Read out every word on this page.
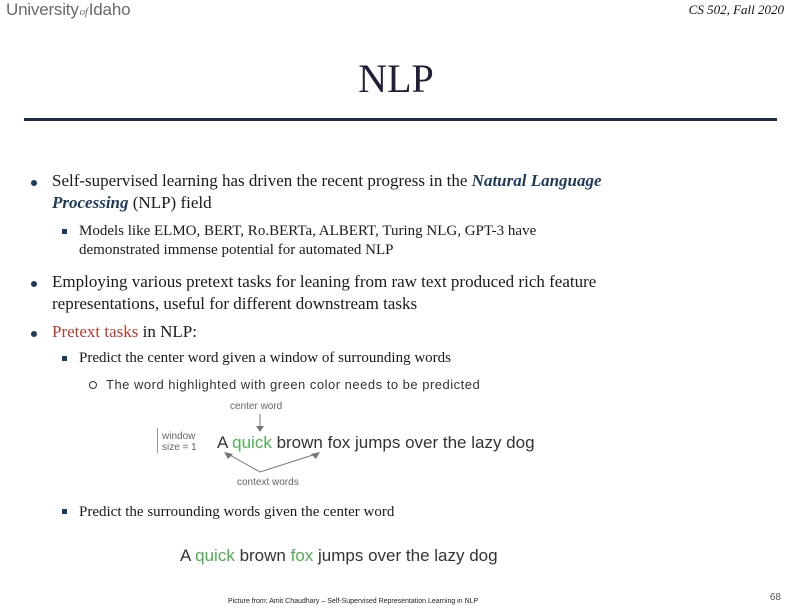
UniversityofIdaho	CS 502, Fall 2020
NLP
Self-supervised learning has driven the recent progress in the Natural Language
Processing (NLP) field
Models like ELMO, BERT, Ro.BERTa, ALBERT, Turing NLG, GPT-3 have
demonstrated immense potential for automated NLP
Employing various pretext tasks for leaning from raw text produced rich feature
representations, useful for different downstream tasks
Pretext tasks in NLP:
Predict the center word given a window of surrounding words
The word highlighted with green color needs to be predicted
center word
window
size = 1 A quick brown fox jumps over the lazy dog
context words
Predict the surrounding words given the center word
A quick brown fox jumps over the lazy dog
Picture from: Amit Chaudhary – Self-Supervised Representation Learning in NLP	68
